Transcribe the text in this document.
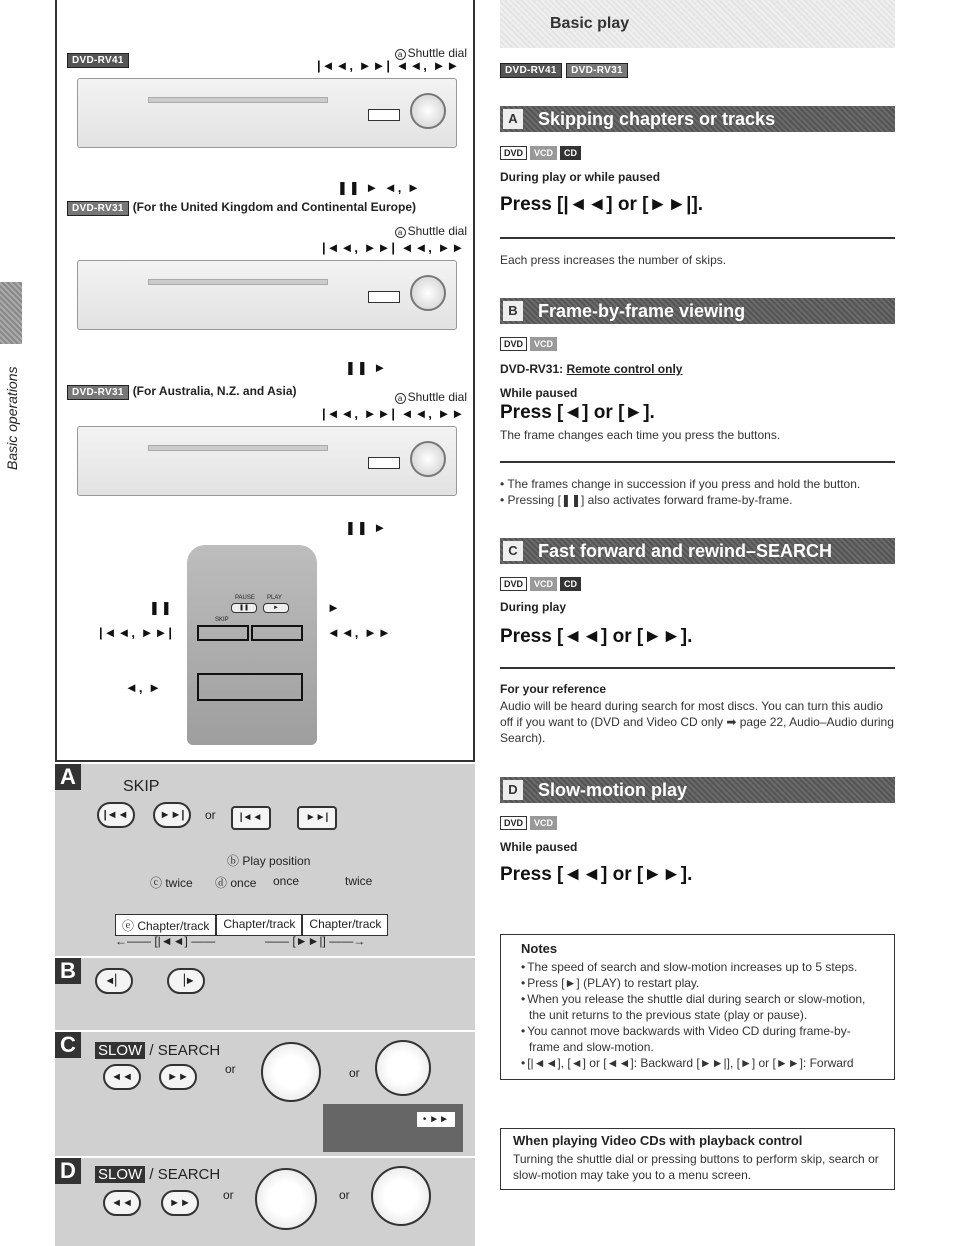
Basic operations
DVD-RV41
a Shuttle dial
|◄◄, ►►| ◄◄, ►►
❚❚ ► ◄, ►
DVD-RV31 (For the United Kingdom and Continental Europe)
a Shuttle dial
|◄◄, ►►| ◄◄, ►►
❚❚ ►
DVD-RV31 (For Australia, N.Z. and Asia)
a Shuttle dial
|◄◄, ►►| ◄◄, ►►
❚❚ ►
PAUSE PLAY
❚❚	►
SKIP
❚❚	►
|◄◄, ►►|	◄◄, ►►
◄, ►
A	SKIP
|◄◄	►►|	or	|◄◄	►►|
ⓑ Play position
ⓒ twice ⓓ once once	twice
ⓔ Chapter/track	Chapter/track	Chapter/track
←—— [|◄◄] ——	—— [►►|] ——→
B	◄▏	▕►
C	SLOW / SEARCH
◄◄	►►
or	or
• ►►
D	SLOW / SEARCH
◄◄	►►
or	or
Basic play
DVD-RV41 DVD-RV31
A Skipping chapters or tracks
DVD VCD CD
During play or while paused
Press [|◄◄] or [►►|].
Each press increases the number of skips.
B Frame-by-frame viewing
DVD VCD
DVD-RV31: Remote control only
While paused
Press [◄] or [►].
The frame changes each time you press the buttons.
• The frames change in succession if you press and hold the button.
• Pressing [❚❚] also activates forward frame-by-frame.
C Fast forward and rewind–SEARCH
DVD VCD CD
During play
Press [◄◄] or [►►].
For your reference
Audio will be heard during search for most discs. You can turn this audio off if you want to (DVD and Video CD only ➡ page 22, Audio–Audio during Search).
D Slow-motion play
DVD VCD
While paused
Press [◄◄] or [►►].
Notes
• The speed of search and slow-motion increases up to 5 steps.
• Press [►] (PLAY) to restart play.
• When you release the shuttle dial during search or slow-motion, the unit returns to the previous state (play or pause).
• You cannot move backwards with Video CD during frame-by-frame and slow-motion.
• [|◄◄], [◄] or [◄◄]: Backward [►►|], [►] or [►►]: Forward
When playing Video CDs with playback control
Turning the shuttle dial or pressing buttons to perform skip, search or slow-motion may take you to a menu screen.
